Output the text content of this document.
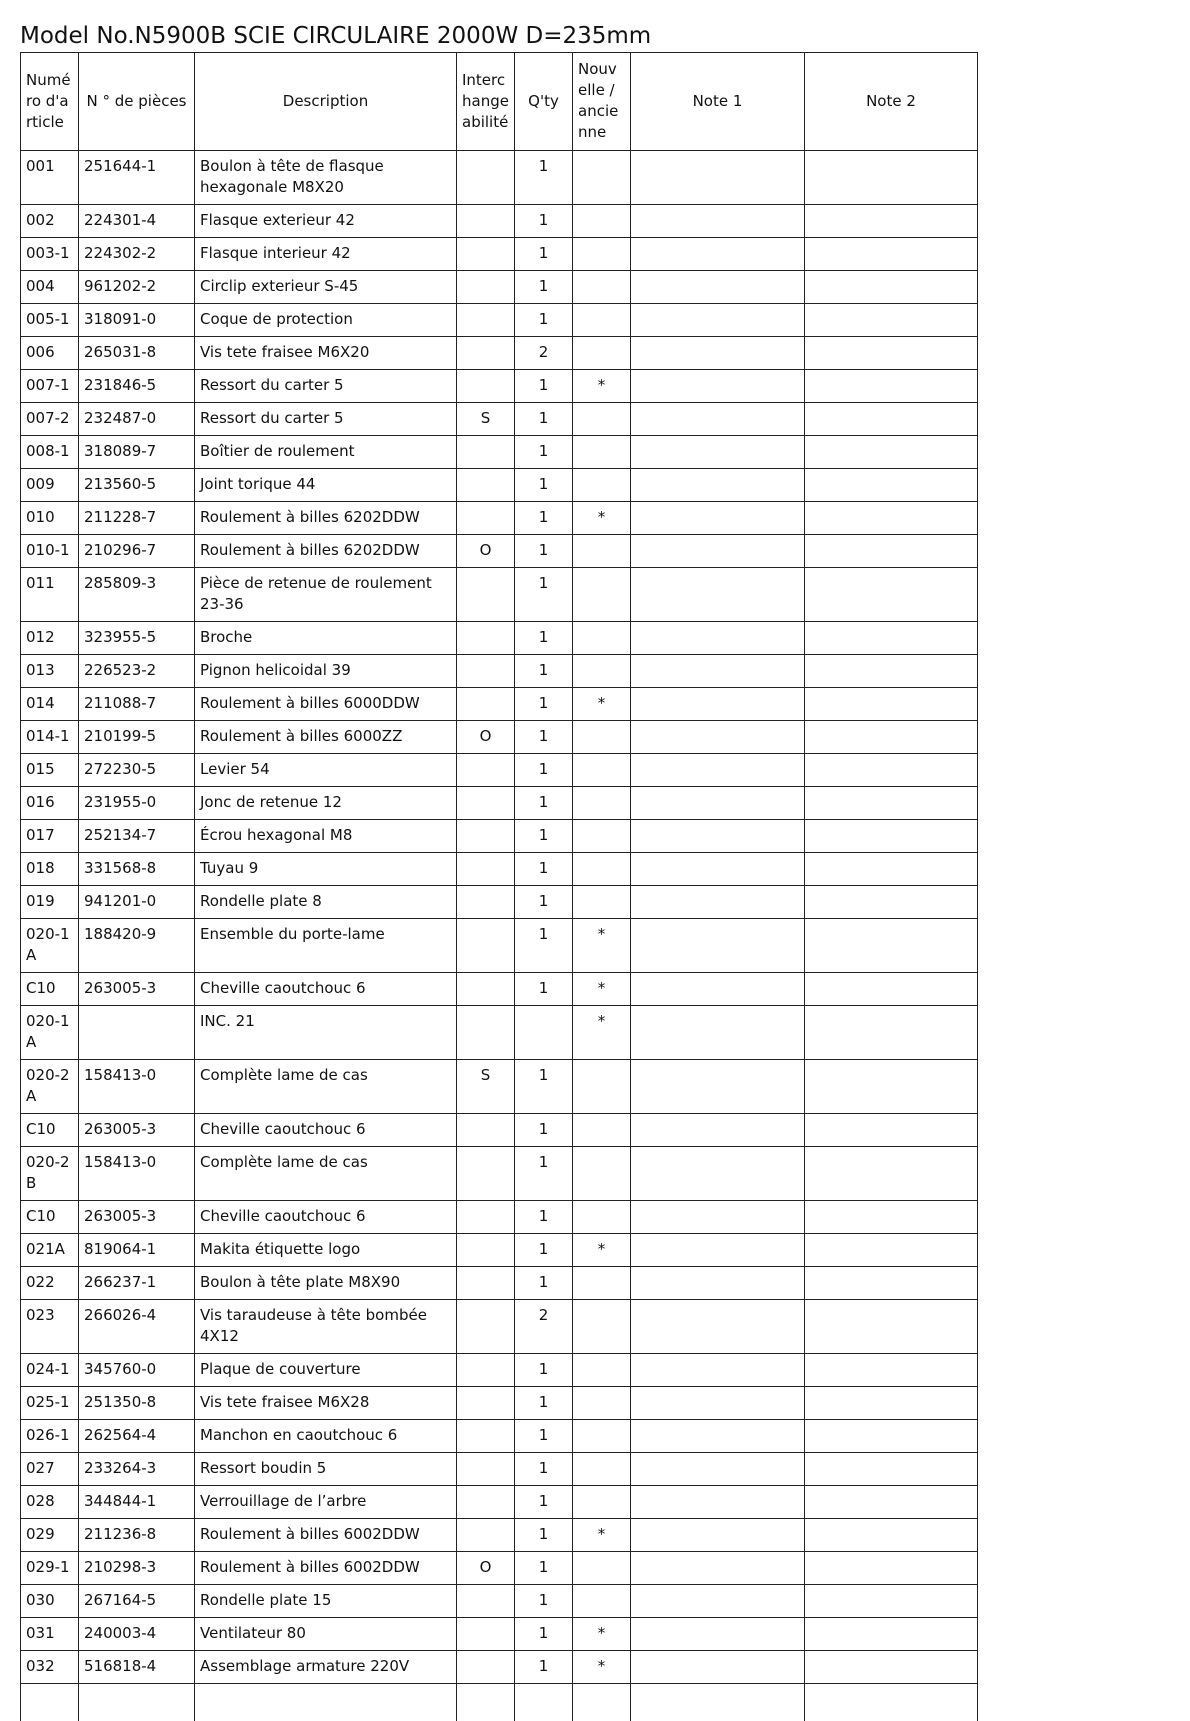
Model No.N5900B SCIE CIRCULAIRE 2000W D=235mm
Numéro d'article	N ° de pièces	Description	Interchangeabilité	Q'ty	Nouvelle / ancienne	Note 1	Note 2
001	251644-1	Boulon à tête de flasque hexagonale M8X20		1			
002	224301-4	Flasque exterieur 42		1			
003-1	224302-2	Flasque interieur 42		1			
004	961202-2	Circlip exterieur S-45		1			
005-1	318091-0	Coque de protection		1			
006	265031-8	Vis tete fraisee M6X20		2			
007-1	231846-5	Ressort du carter 5		1	*		
007-2	232487-0	Ressort du carter 5	S	1			
008-1	318089-7	Boîtier de roulement		1			
009	213560-5	Joint torique 44		1			
010	211228-7	Roulement à billes 6202DDW		1	*		
010-1	210296-7	Roulement à billes 6202DDW	O	1			
011	285809-3	Pièce de retenue de roulement 23-36		1			
012	323955-5	Broche		1			
013	226523-2	Pignon helicoidal 39		1			
014	211088-7	Roulement à billes 6000DDW		1	*		
014-1	210199-5	Roulement à billes 6000ZZ	O	1			
015	272230-5	Levier 54		1			
016	231955-0	Jonc de retenue 12		1			
017	252134-7	Écrou hexagonal M8		1			
018	331568-8	Tuyau 9		1			
019	941201-0	Rondelle plate 8		1			
020-1A	188420-9	Ensemble du porte-lame		1	*		
C10	263005-3	Cheville caoutchouc 6		1	*		
020-1A		INC. 21			*		
020-2A	158413-0	Complète lame de cas	S	1			
C10	263005-3	Cheville caoutchouc 6		1			
020-2B	158413-0	Complète lame de cas		1			
C10	263005-3	Cheville caoutchouc 6		1			
021A	819064-1	Makita étiquette logo		1	*		
022	266237-1	Boulon à tête plate M8X90		1			
023	266026-4	Vis taraudeuse à tête bombée 4X12		2			
024-1	345760-0	Plaque de couverture		1			
025-1	251350-8	Vis tete fraisee M6X28		1			
026-1	262564-4	Manchon en caoutchouc 6		1			
027	233264-3	Ressort boudin 5		1			
028	344844-1	Verrouillage de l’arbre		1			
029	211236-8	Roulement à billes 6002DDW		1	*		
029-1	210298-3	Roulement à billes 6002DDW	O	1			
030	267164-5	Rondelle plate 15		1			
031	240003-4	Ventilateur 80		1	*		
032	516818-4	Assemblage armature 220V		1	*		
